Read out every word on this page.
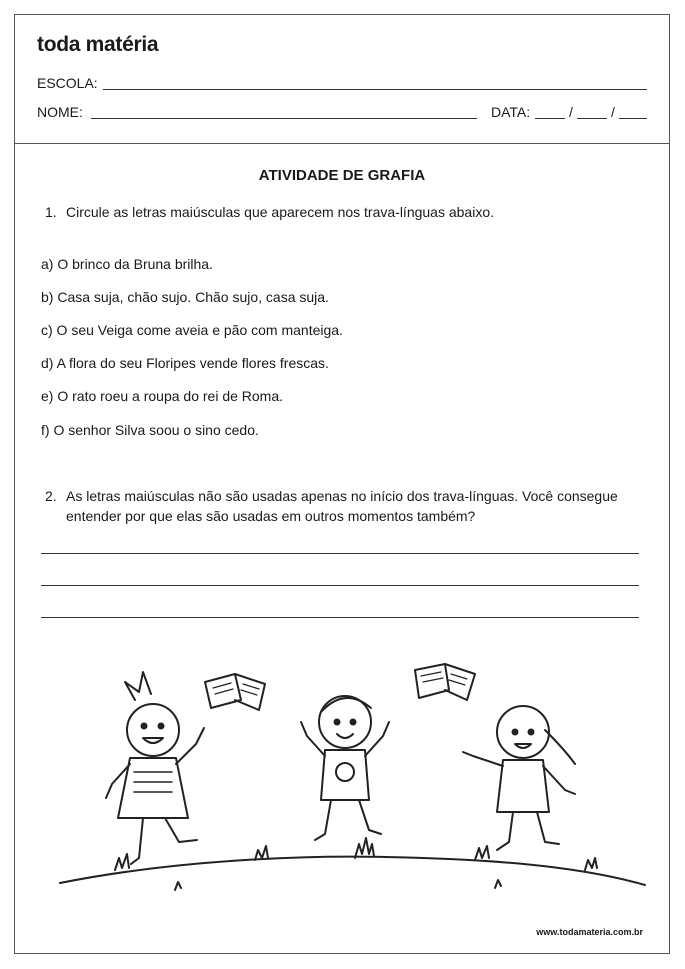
toda matéria
ESCOLA:
NOME:	DATA:	/	/
ATIVIDADE DE GRAFIA
1. Circule as letras maiúsculas que aparecem nos trava-línguas abaixo.
a) O brinco da Bruna brilha.
b) Casa suja, chão sujo. Chão sujo, casa suja.
c) O seu Veiga come aveia e pão com manteiga.
d) A flora do seu Floripes vende flores frescas.
e) O rato roeu a roupa do rei de Roma.
f) O senhor Silva soou o sino cedo.
2. As letras maiúsculas não são usadas apenas no início dos trava-línguas. Você consegue
entender por que elas são usadas em outros momentos também?
www.todamateria.com.br
